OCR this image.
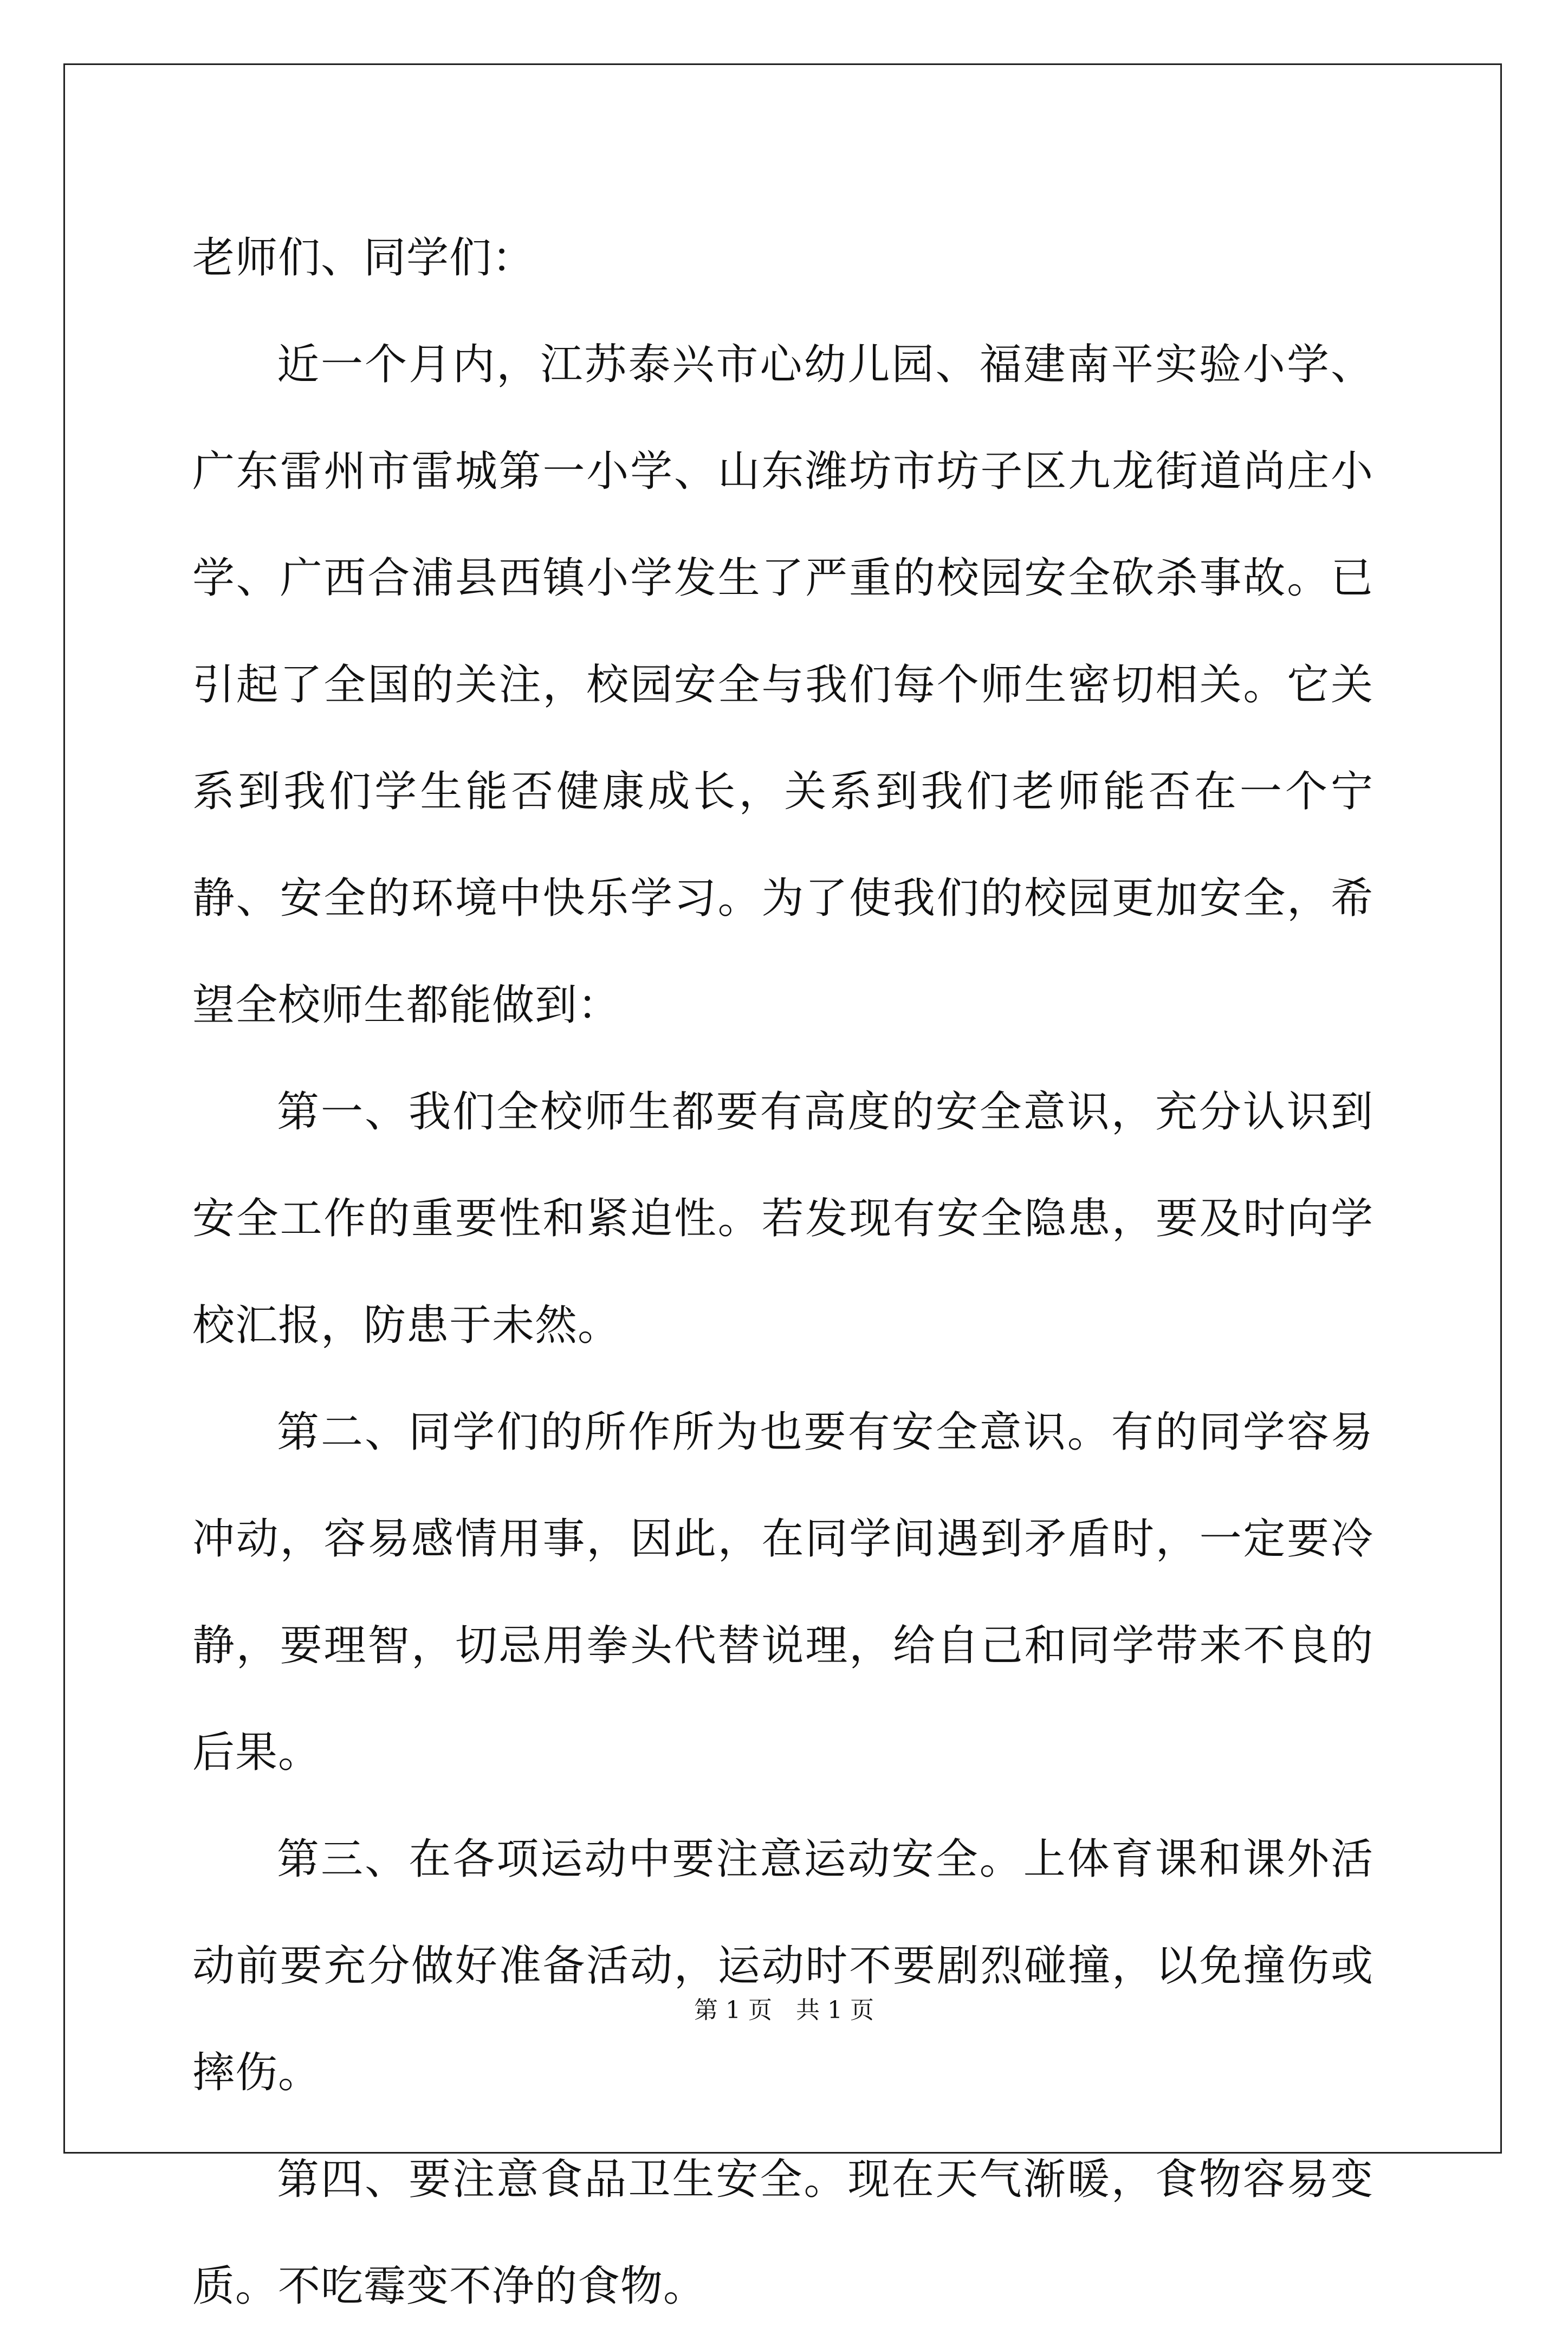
老师们、同学们：

近一个月内，江苏泰兴市心幼儿园、福建南平实验小学、广东雷州市雷城第一小学、山东潍坊市坊子区九龙街道尚庄小学、广西合浦县西镇小学发生了严重的校园安全砍杀事故。已引起了全国的关注，校园安全与我们每个师生密切相关。它关系到我们学生能否健康成长，关系到我们老师能否在一个宁静、安全的环境中快乐学习。为了使我们的校园更加安全，希望全校师生都能做到：

第一、我们全校师生都要有高度的安全意识，充分认识到安全工作的重要性和紧迫性。若发现有安全隐患，要及时向学校汇报，防患于未然。

第二、同学们的所作所为也要有安全意识。有的同学容易冲动，容易感情用事，因此，在同学间遇到矛盾时，一定要冷静，要理智，切忌用拳头代替说理，给自己和同学带来不良的后果。

第三、在各项运动中要注意运动安全。上体育课和课外活动前要充分做好准备活动，运动时不要剧烈碰撞，以免撞伤或摔伤。

第四、要注意食品卫生安全。现在天气渐暖，食物容易变质。不吃霉变不净的食物。

第 1 页　共 1 页
